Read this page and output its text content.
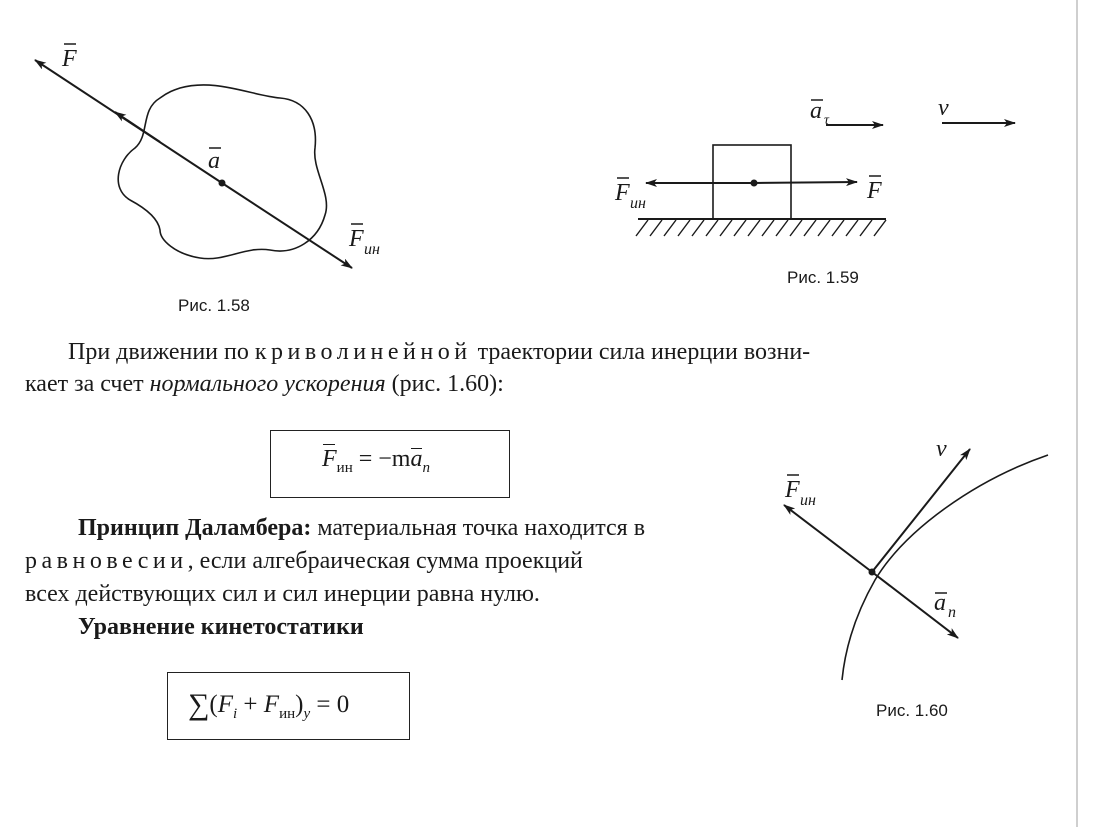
F
a
F ин
Рис. 1.58
a τ	v
F ин	F
Рис. 1.59
v
F ин
a n
Рис. 1.60

При движении по криволинейной траектории сила инерции возни-

кает за счет нормального ускорения (рис. 1.60):

$F_{ин} = -m$
$a_n$

Принцип Даламбера: материальная точка находится в

равновесии, если алгебраическая сумма проекций

всех действующих сил и сил инерции равна нулю.

Уравнение кинетостатики

$\sum(F_i + F_{ин})_y = 0$
